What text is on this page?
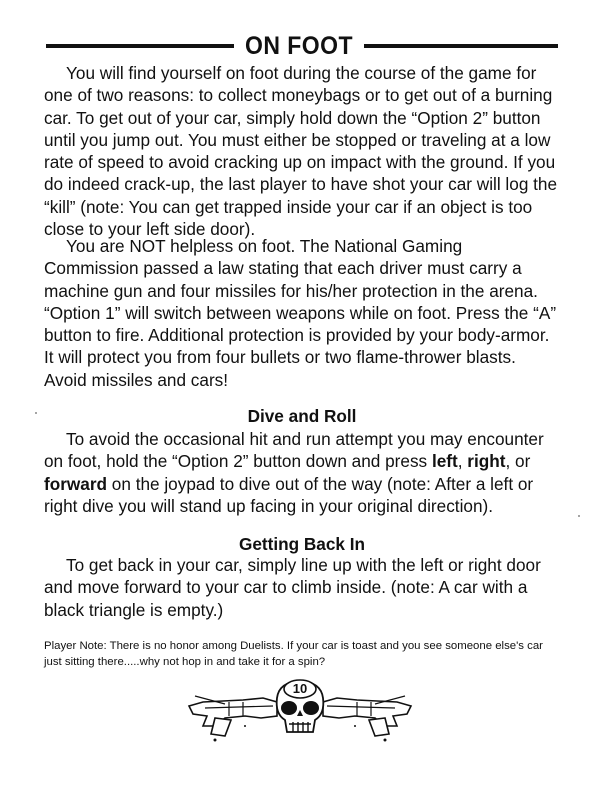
ON FOOT

You will find yourself on foot during the course of the game for one of two reasons: to collect moneybags or to get out of a burning car. To get out of your car, simply hold down the “Option 2” button until you jump out. You must either be stopped or traveling at a low rate of speed to avoid cracking up on impact with the ground. If you do indeed crack-up, the last player to have shot your car will log the “kill” (note: You can get trapped inside your car if an object is too close to your left side door).

You are NOT helpless on foot. The National Gaming Commission passed a law stating that each driver must carry a machine gun and four missiles for his/her protection in the arena. “Option 1” will switch between weapons while on foot. Press the “A” button to fire. Additional protection is provided by your body-armor. It will protect you from four bullets or two flame-thrower blasts. Avoid missiles and cars!

Dive and Roll

To avoid the occasional hit and run attempt you may encounter on foot, hold the “Option 2” button down and press left, right, or forward on the joypad to dive out of the way (note: After a left or right dive you will stand up facing in your original direction).

Getting Back In

To get back in your car, simply line up with the left or right door and move forward to your car to climb inside. (note: A car with a black triangle is empty.)

Player Note: There is no honor among Duelists. If your car is toast and you see someone else's car just sitting there.....why not hop in and take it for a spin?

10
